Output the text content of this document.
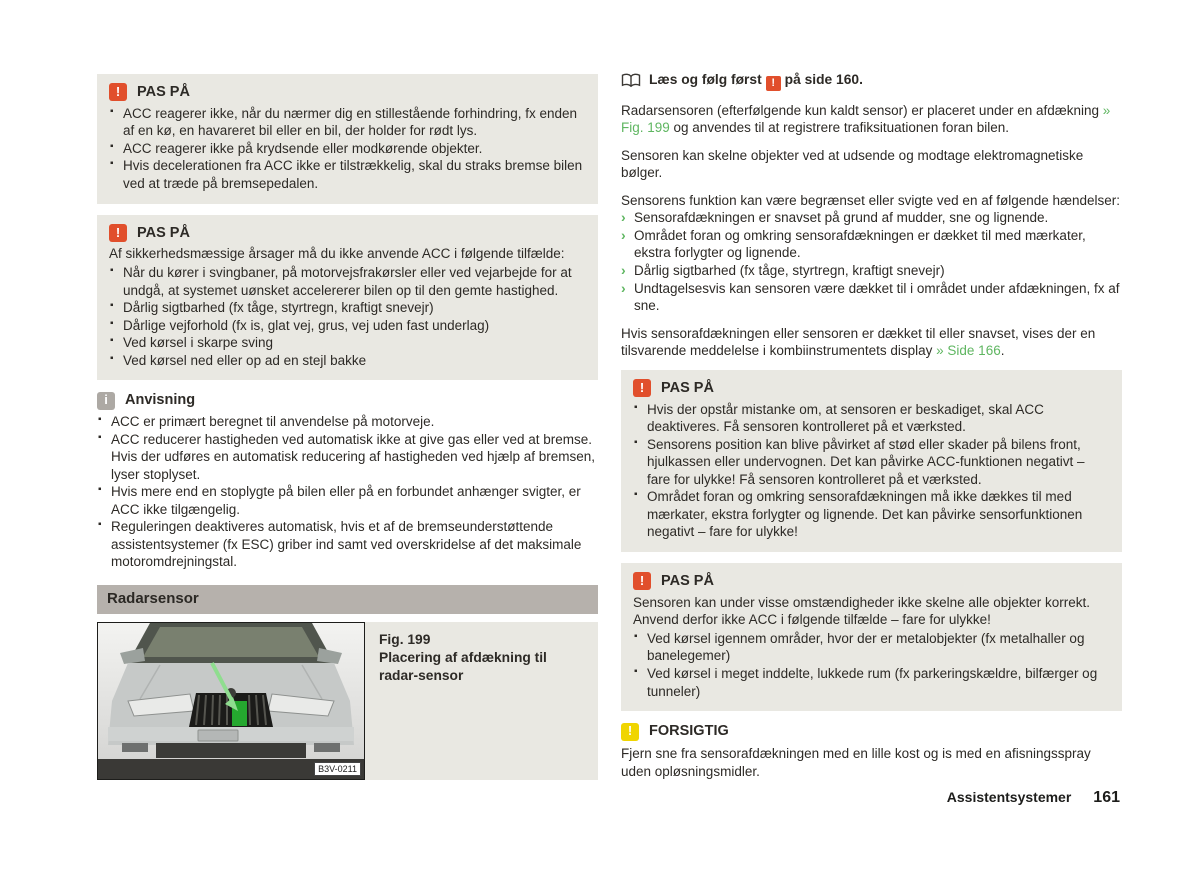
!	PAS PÅ
▪ ACC reagerer ikke, når du nærmer dig en stillestående forhindring, fx enden af en kø, en havareret bil eller en bil, der holder for rødt lys.
▪ ACC reagerer ikke på krydsende eller modkørende objekter.
▪ Hvis decelerationen fra ACC ikke er tilstrækkelig, skal du straks bremse bilen ved at træde på bremsepedalen.
!	PAS PÅ
Af sikkerhedsmæssige årsager må du ikke anvende ACC i følgende tilfælde:
▪ Når du kører i svingbaner, på motorvejsfrakørsler eller ved vejarbejde for at undgå, at systemet uønsket accelererer bilen op til den gemte hastighed.
▪ Dårlig sigtbarhed (fx tåge, styrtregn, kraftigt snevejr)
▪ Dårlige vejforhold (fx is, glat vej, grus, vej uden fast underlag)
▪ Ved kørsel i skarpe sving
▪ Ved kørsel ned eller op ad en stejl bakke
i	Anvisning
▪ ACC er primært beregnet til anvendelse på motorveje.
▪ ACC reducerer hastigheden ved automatisk ikke at give gas eller ved at bremse. Hvis der udføres en automatisk reducering af hastigheden ved hjælp af bremsen, lyser stoplyset.
▪ Hvis mere end en stoplygte på bilen eller på en forbundet anhænger svigter, er ACC ikke tilgængelig.
▪ Reguleringen deaktiveres automatisk, hvis et af de bremseunderstøttende assistentsystemer (fx ESC) griber ind samt ved overskridelse af det maksimale motoromdrejningstal.
Radarsensor
B3V-0211
Fig. 199
Placering af afdækning til radar-sensor
Læs og følg først ! på side 160.

Radarsensoren (efterfølgende kun kaldt sensor) er placeret under en afdækning » Fig. 199 og anvendes til at registrere trafiksituationen foran bilen.

Sensoren kan skelne objekter ved at udsende og modtage elektromagnetiske bølger.

Sensorens funktion kan være begrænset eller svigte ved en af følgende hændelser:

› Sensorafdækningen er snavset på grund af mudder, sne og lignende.
› Området foran og omkring sensorafdækningen er dækket til med mærkater, ekstra forlygter og lignende.
› Dårlig sigtbarhed (fx tåge, styrtregn, kraftigt snevejr)
› Undtagelsesvis kan sensoren være dækket til i området under afdækningen, fx af sne.

Hvis sensorafdækningen eller sensoren er dækket til eller snavset, vises der en tilsvarende meddelelse i kombiinstrumentets display » Side 166.

!	PAS PÅ
▪ Hvis der opstår mistanke om, at sensoren er beskadiget, skal ACC deaktiveres. Få sensoren kontrolleret på et værksted.
▪ Sensorens position kan blive påvirket af stød eller skader på bilens front, hjulkassen eller undervognen. Det kan påvirke ACC-funktionen negativt – fare for ulykke! Få sensoren kontrolleret på et værksted.
▪ Området foran og omkring sensorafdækningen må ikke dækkes til med mærkater, ekstra forlygter og lignende. Det kan påvirke sensorfunktionen negativt – fare for ulykke!
!	PAS PÅ
Sensoren kan under visse omstændigheder ikke skelne alle objekter korrekt. Anvend derfor ikke ACC i følgende tilfælde – fare for ulykke!
▪ Ved kørsel igennem områder, hvor der er metalobjekter (fx metalhaller og banelegemer)
▪ Ved kørsel i meget inddelte, lukkede rum (fx parkeringskældre, bilfærger og tunneler)
!	FORSIGTIG
Fjern sne fra sensorafdækningen med en lille kost og is med en afisningsspray uden opløsningsmidler.
Assistentsystemer 161
